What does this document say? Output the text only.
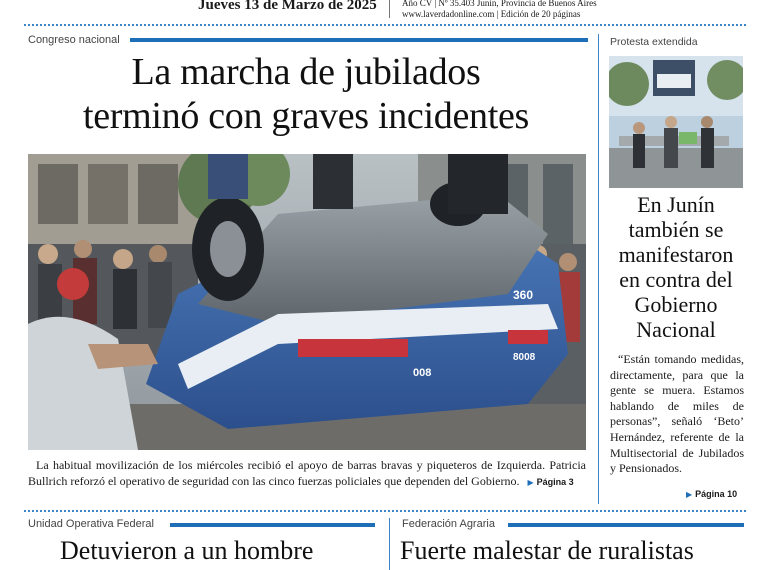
Jueves 13 de Marzo de 2025	Año CV | Nº 35.403 Junín, Provincia de Buenos Aires
www.laverdadonline.com | Edición de 20 páginas
Congreso nacional
La marcha de jubilados
terminó con graves incidentes
008
8008
360
La habitual movilización de los miércoles recibió el apoyo de barras bravas y piqueteros de Izquierda. Patricia Bullrich reforzó el operativo de seguridad con las cinco fuerzas policiales que dependen del Gobierno. ▶ Página 3
Protesta extendida
En Junín también se manifestaron en contra del Gobierno Nacional
“Están tomando medidas, directamente, para que la gente se muera. Estamos hablando de miles de personas”, señaló ‘Beto’ Hernández, referente de la Multisectorial de Jubilados y Pensionados.
▶ Página 10
Unidad Operativa Federal
Detuvieron a un hombre
Federación Agraria
Fuerte malestar de ruralistas
